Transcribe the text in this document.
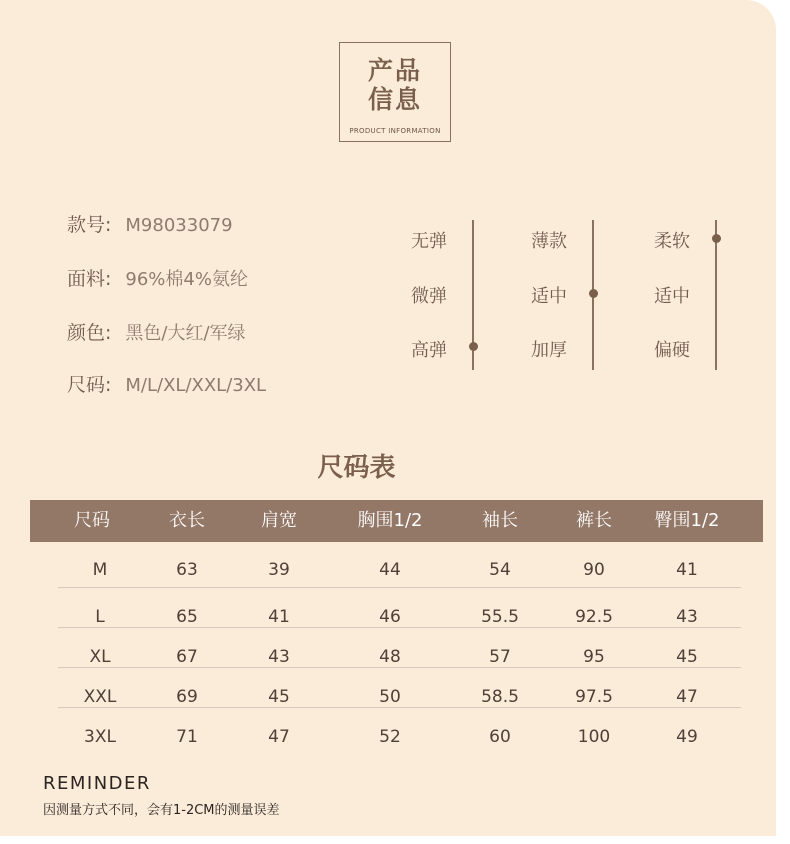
产品
信息
PRODUCT INFORMATION
款号: M98033079
面料: 96%棉4%氨纶
颜色: 黑色/大红/军绿
尺码: M/L/XL/XXL/3XL
无弹
微弹
高弹
薄款
适中
加厚
柔软
适中
偏硬
尺码表
尺码	衣长	肩宽	胸围1/2	袖长	裤长 臀围1/2
M	63	39	44	54	90	41
L	65	41	46	55.5	92.5	43
XL	67	43	48	57	95	45
XXL	69	45	50	58.5	97.5	47
3XL	71	47	52	60	100	49
REMINDER
因测量方式不同，会有1-2CM的测量误差
